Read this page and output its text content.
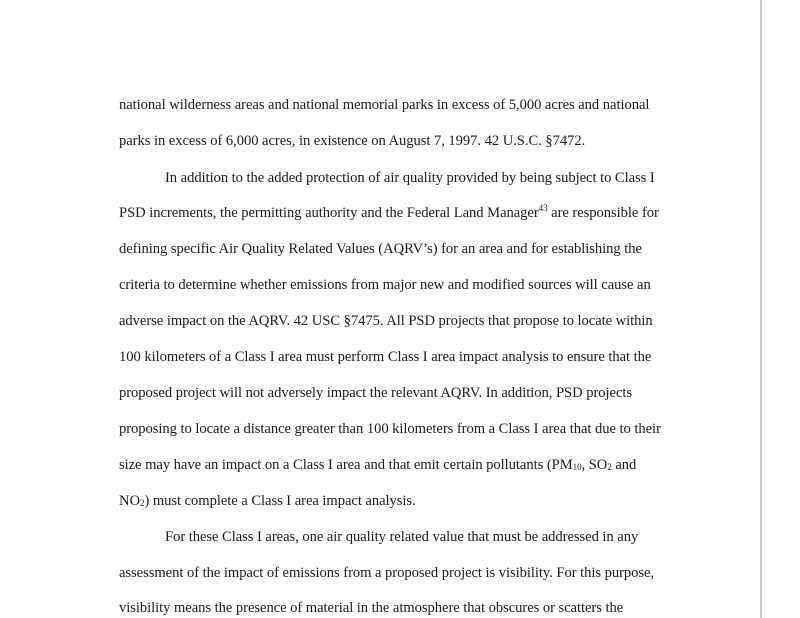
national wilderness areas and national memorial parks in excess of 5,000 acres and national
parks in excess of 6,000 acres, in existence on August 7, 1997. 42 U.S.C. §7472.
In addition to the added protection of air quality provided by being subject to Class I
PSD increments, the permitting authority and the Federal Land Manager$^{43}$ are responsible for
defining specific Air Quality Related Values (AQRV’s) for an area and for establishing the
criteria to determine whether emissions from major new and modified sources will cause an
adverse impact on the AQRV. 42 USC §7475. All PSD projects that propose to locate within
100 kilometers of a Class I area must perform Class I area impact analysis to ensure that the
proposed project will not adversely impact the relevant AQRV. In addition, PSD projects
proposing to locate a distance greater than 100 kilometers from a Class I area that due to their
size may have an impact on a Class I area and that emit certain pollutants ($PM_{10}$, $SO_2$ and
$NO_2$) must complete a Class I area impact analysis.
For these Class I areas, one air quality related value that must be addressed in any
assessment of the impact of emissions from a proposed project is visibility. For this purpose,
visibility means the presence of material in the atmosphere that obscures or scatters the
